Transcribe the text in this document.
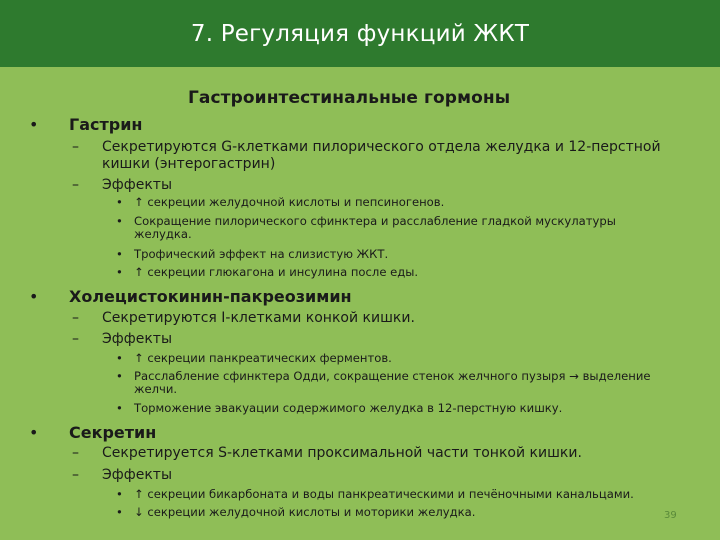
7. Регуляция функций ЖКТ
Гастроинтестинальные гормоны
• Гастрин
– Секретируются G-клетками пилорического отдела желудка и 12-перстной кишки (энтерогастрин)
– Эффекты
• ↑ секреции желудочной кислоты и пепсиногенов.
• Сокращение пилорического сфинктера и расслабление гладкой мускулатуры желудка.
• Трофический эффект на слизистую ЖКТ.
• ↑ секреции глюкагона и инсулина после еды.
• Холецистокинин-пакреозимин
– Секретируются I-клетками конкой кишки.
– Эффекты
• ↑ секреции панкреатических ферментов.
• Расслабление сфинктера Одди, сокращение стенок желчного пузыря → выделение желчи.
• Торможение эвакуации содержимого желудка в 12-перстную кишку.
• Секретин
– Секретируется S-клетками проксимальной части тонкой кишки.
– Эффекты
• ↑ секреции бикарбоната и воды панкреатическими и печёночными канальцами.
• ↓ секреции желудочной кислоты и моторики желудка.	39
